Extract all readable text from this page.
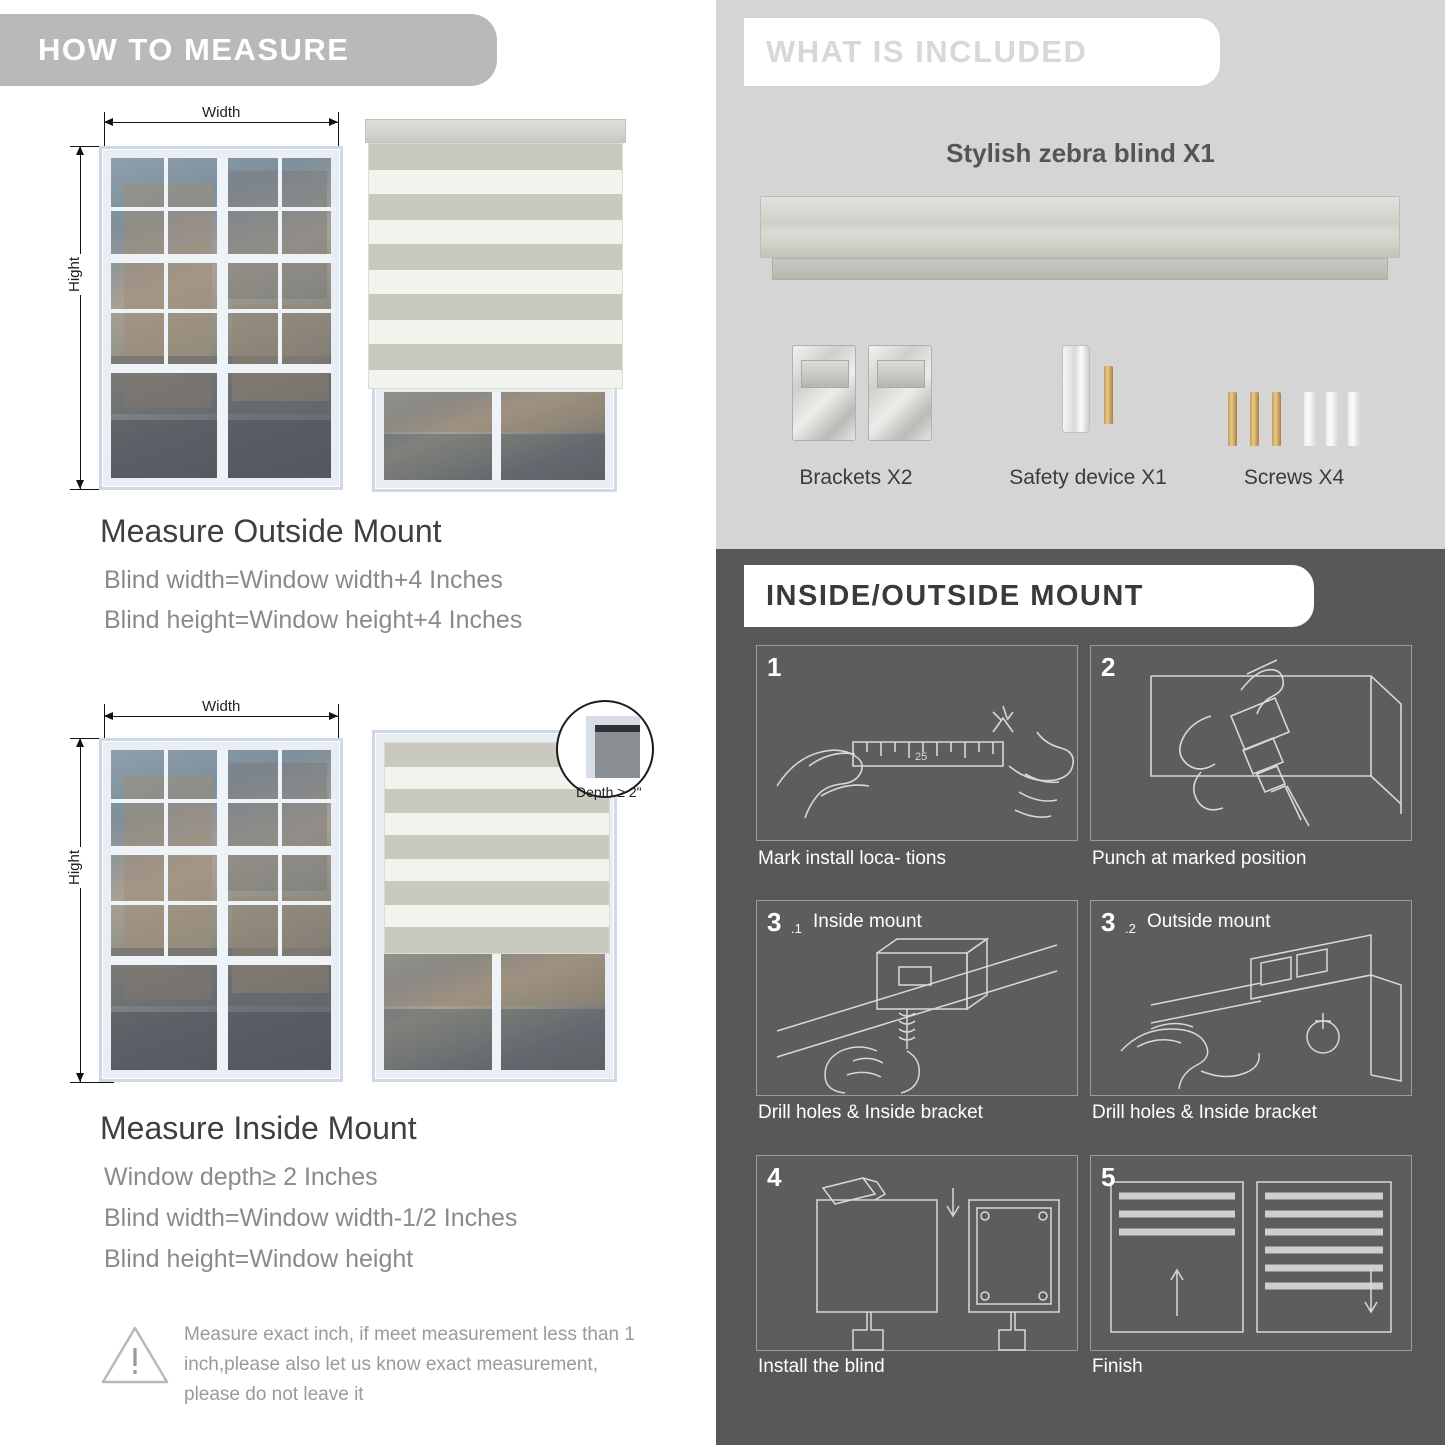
HOW TO MEASURE
Width
Hight
Measure Outside Mount
Blind width=Window width+4 Inches
Blind height=Window height+4 Inches
Width
Hight
Depth ≥ 2"
Measure Inside Mount
Window depth≥ 2 Inches
Blind width=Window width-1/2 Inches
Blind height=Window height
Measure exact inch, if meet measurement less than 1 inch,please also let us know exact measurement, please do not leave it
WHAT IS INCLUDED
Stylish zebra blind X1
Brackets X2	Safety device X1	Screws X4
INSIDE/OUTSIDE MOUNT
1
25
Mark install loca- tions
2
Punch at marked position
3 .1 Inside mount
Drill holes & Inside bracket
3 .2 Outside mount
Drill holes & Inside bracket
4
Install the blind
5
Finish
